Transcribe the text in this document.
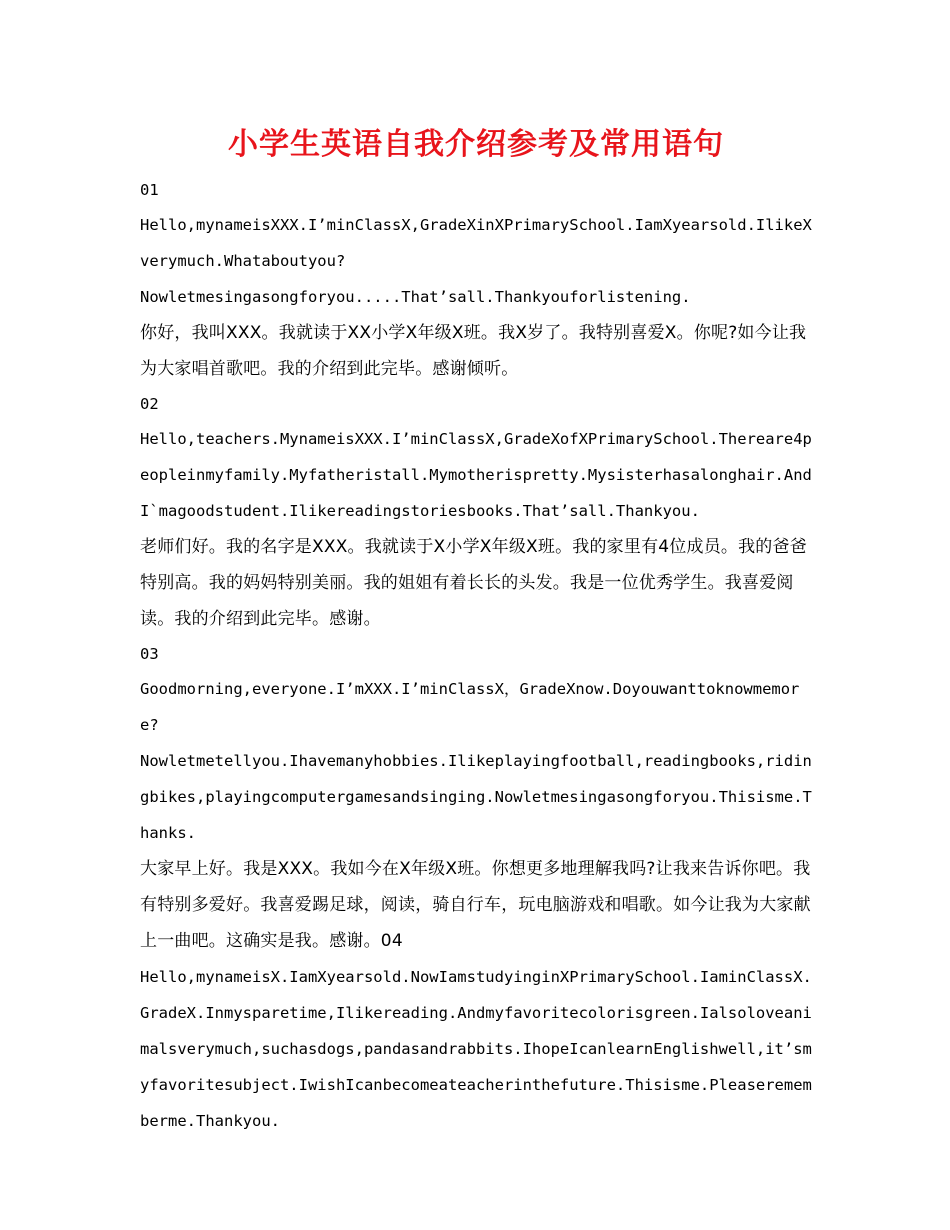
小学生英语自我介绍参考及常用语句
01
Hello,mynameisXXX.I’minClassX,GradeXinXPrimarySchool.IamXyearsold.IlikeXverymuch.Whataboutyou?
Nowletmesingasongforyou.....That’sall.Thankyouforlistening.
你好，我叫XXX。我就读于XX小学X年级X班。我X岁了。我特别喜爱X。你呢?如今让我为大家唱首歌吧。我的介绍到此完毕。感谢倾听。
02
Hello,teachers.MynameisXXX.I’minClassX,GradeXofXPrimarySchool.Thereare4peopleinmyfamily.Myfatheristall.Mymotherispretty.Mysisterhasalonghair.AndI`magoodstudent.Ilikereadingstoriesbooks.That’sall.Thankyou.
老师们好。我的名字是XXX。我就读于X小学X年级X班。我的家里有4位成员。我的爸爸特别高。我的妈妈特别美丽。我的姐姐有着长长的头发。我是一位优秀学生。我喜爱阅读。我的介绍到此完毕。感谢。
03
Goodmorning,everyone.I’mXXX.I’minClassX，GradeXnow.Doyouwanttoknowmemore?
Nowletmetellyou.Ihavemanyhobbies.Ilikeplayingfootball,readingbooks,ridingbikes,playingcomputergamesandsinging.Nowletmesingasongforyou.Thisisme.Thanks.
大家早上好。我是XXX。我如今在X年级X班。你想更多地理解我吗?让我来告诉你吧。我有特别多爱好。我喜爱踢足球，阅读，骑自行车，玩电脑游戏和唱歌。如今让我为大家献上一曲吧。这确实是我。感谢。04
Hello,mynameisX.IamXyearsold.NowIamstudyinginXPrimarySchool.IaminClassX.GradeX.Inmysparetime,Ilikereading.Andmyfavoritecolorisgreen.Ialsoloveanimalsverymuch,suchasdogs,pandasandrabbits.IhopeIcanlearnEnglishwell,it’smyfavoritesubject.IwishIcanbecomeateacherinthefuture.Thisisme.Pleaserememberme.Thankyou.
